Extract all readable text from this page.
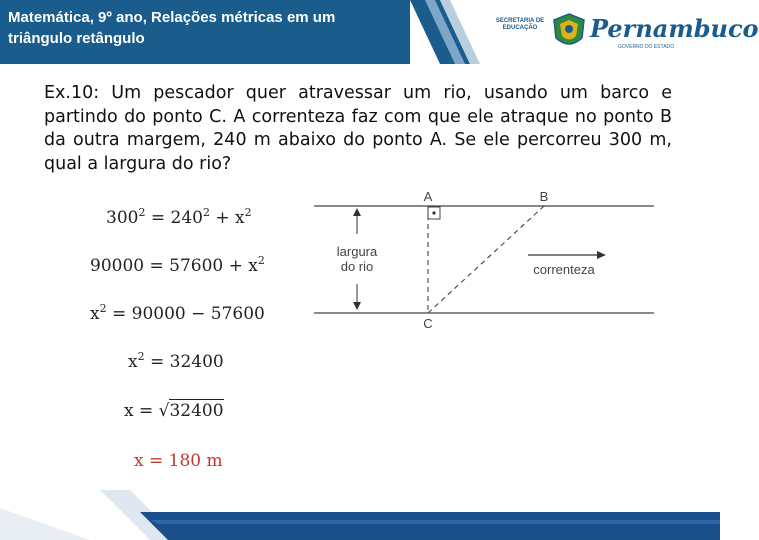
Matemática, 9º ano, Relações métricas em um triângulo retângulo
SECRETARIA DE EDUCAÇÃO	Pernambuco
GOVERNO DO ESTADO
Ex.10: Um pescador quer atravessar um rio, usando um barco e partindo do ponto C. A correnteza faz com que ele atraque no ponto B da outra margem, 240 m abaixo do ponto A. Se ele percorreu 300 m, qual a largura do rio?
$300^2 = 240^2 + x^2$
$90000 = 57600 + x^2$
$x^2 = 90000 - 57600$
$x^2 = 32400$
x = √32400
x = 180 m
largura
do rio	correnteza
A	B
C
